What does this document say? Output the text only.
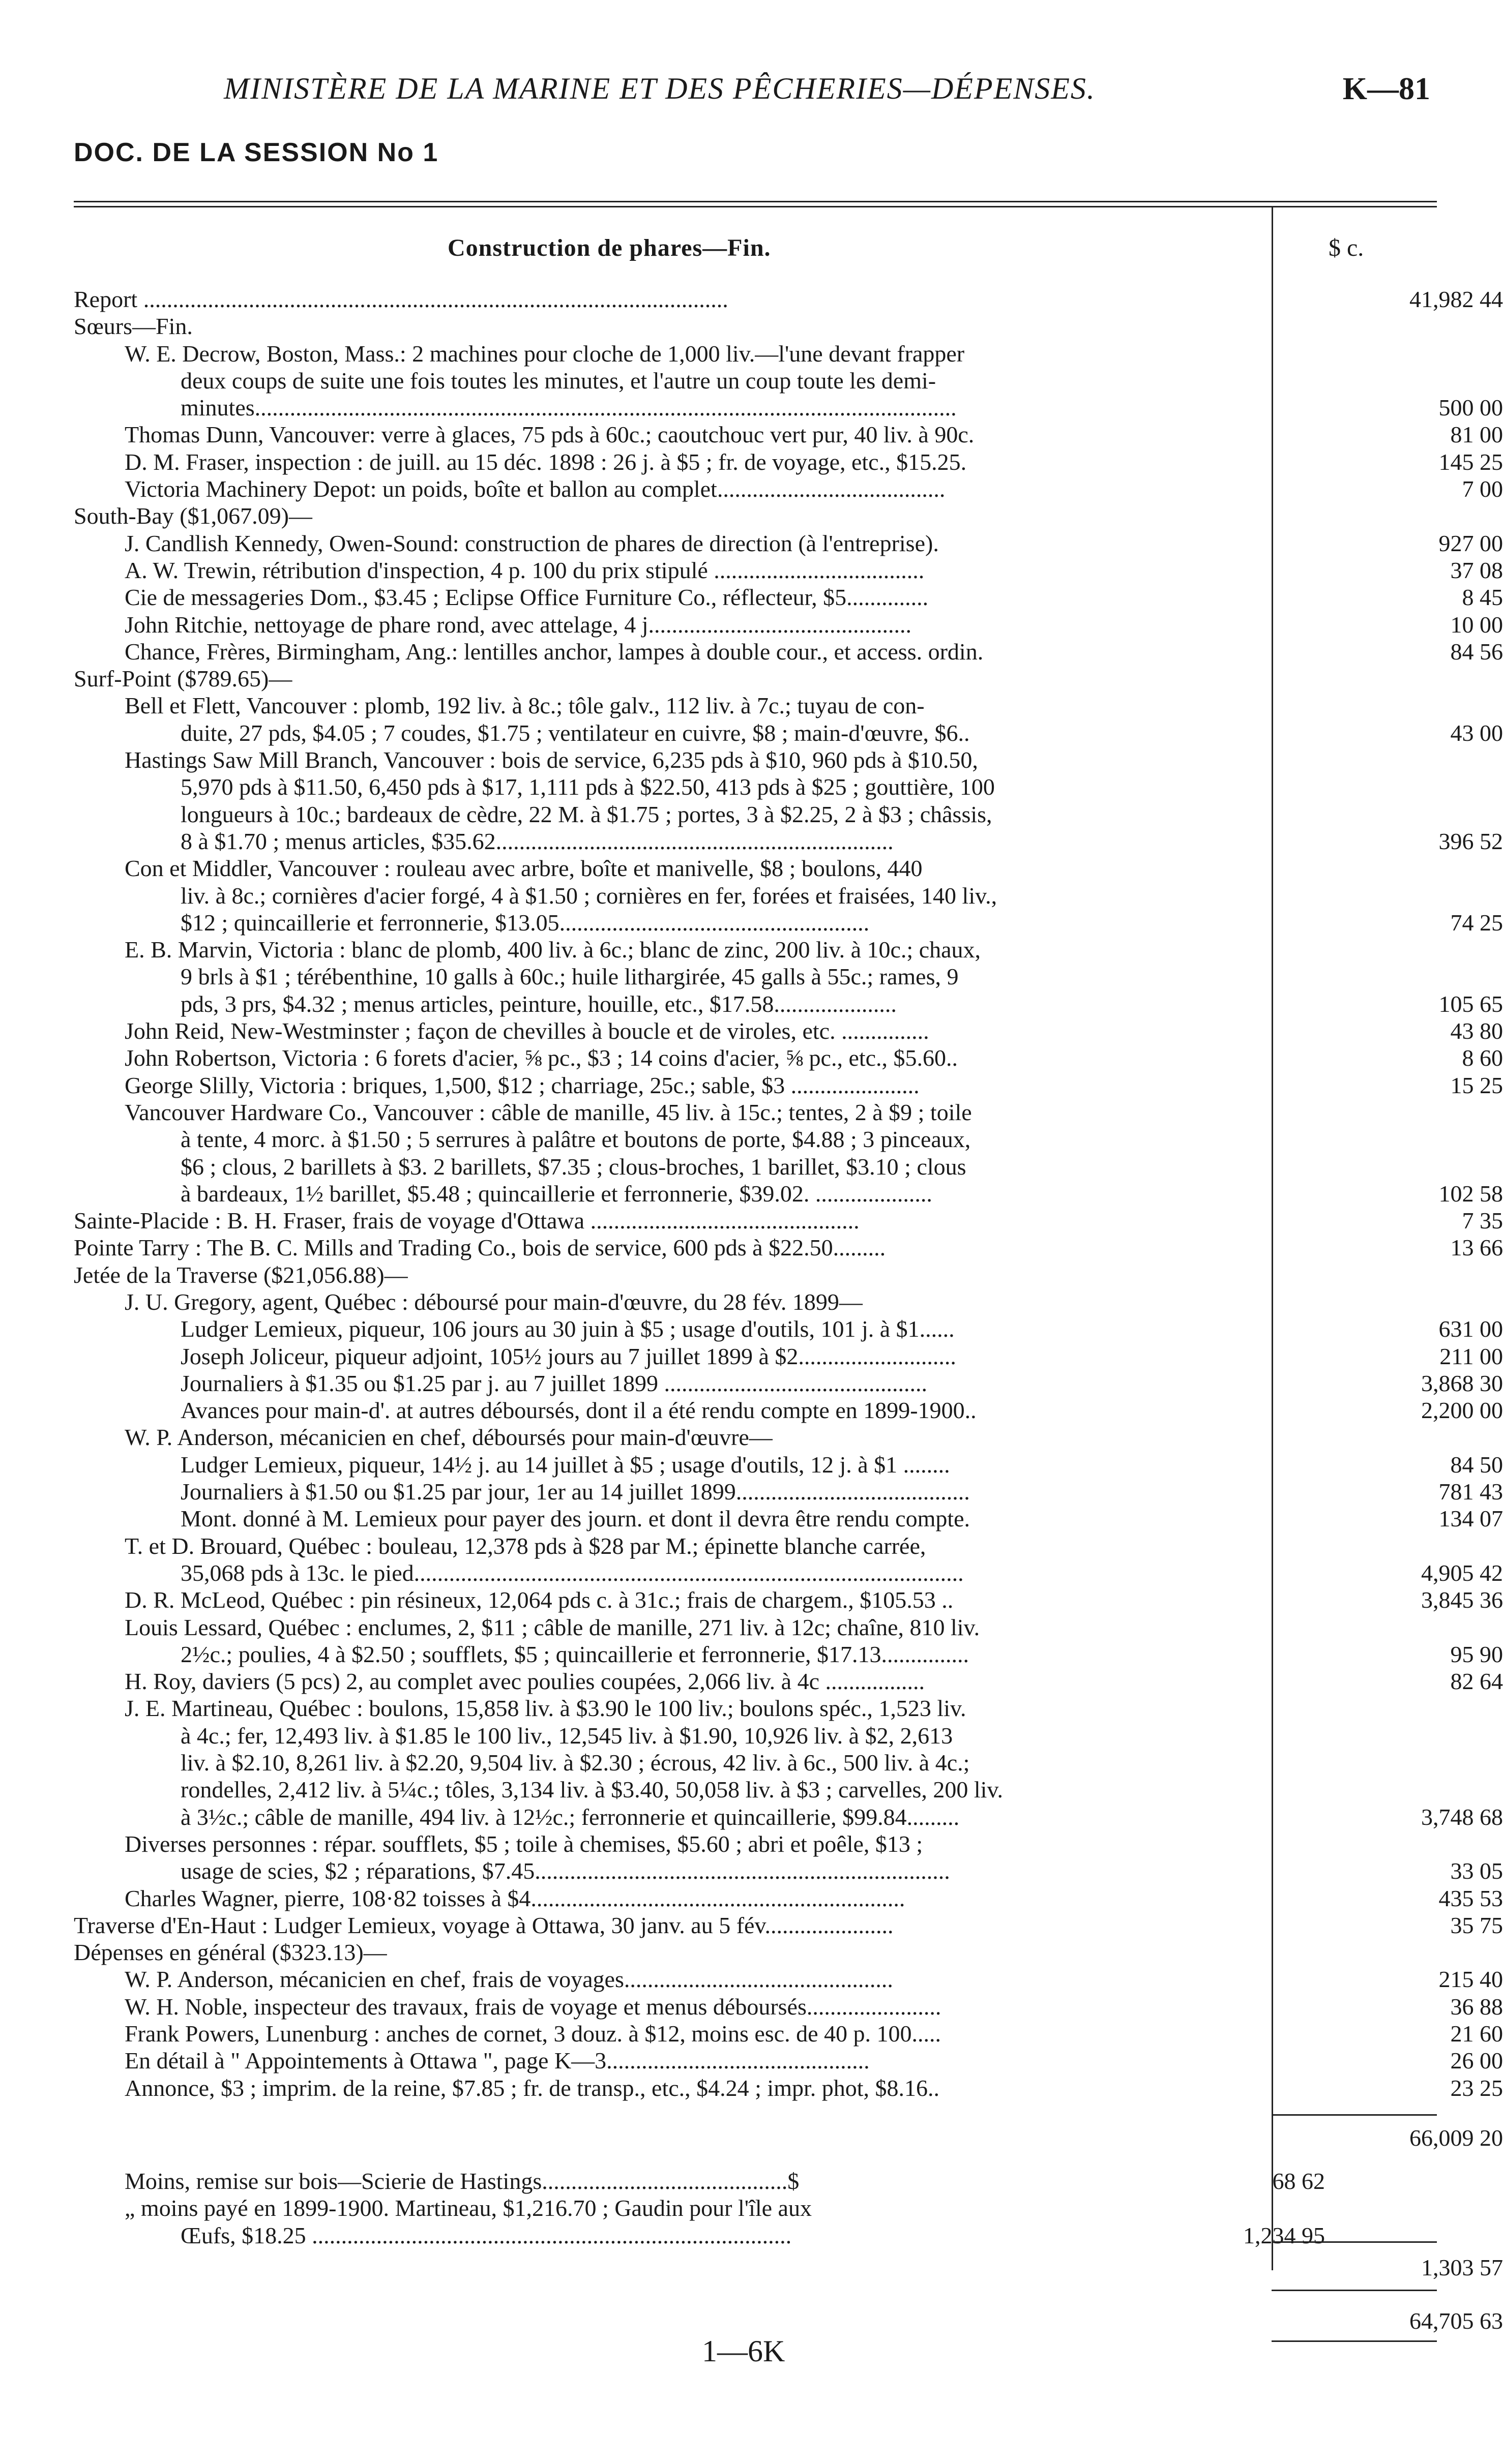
MINISTÈRE DE LA MARINE ET DES PÊCHERIES—DÉPENSES.	K—81
DOC. DE LA SESSION No 1
Construction de phares—Fin.	$ c.
Report ....................................................................................................	41,982 44
Sœurs—Fin.
W. E. Decrow, Boston, Mass.: 2 machines pour cloche de 1,000 liv.—l'une devant frapper
deux coups de suite une fois toutes les minutes, et l'autre un coup toute les demi-
minutes........................................................................................................................	500 00
Thomas Dunn, Vancouver: verre à glaces, 75 pds à 60c.; caoutchouc vert pur, 40 liv. à 90c.	81 00
D. M. Fraser, inspection : de juill. au 15 déc. 1898 : 26 j. à $5 ; fr. de voyage, etc., $15.25.	145 25
Victoria Machinery Depot: un poids, boîte et ballon au complet.......................................	7 00
South-Bay ($1,067.09)—
J. Candlish Kennedy, Owen-Sound: construction de phares de direction (à l'entreprise).	927 00
A. W. Trewin, rétribution d'inspection, 4 p. 100 du prix stipulé ....................................	37 08
Cie de messageries Dom., $3.45 ; Eclipse Office Furniture Co., réflecteur, $5..............	8 45
John Ritchie, nettoyage de phare rond, avec attelage, 4 j.............................................	10 00
Chance, Frères, Birmingham, Ang.: lentilles anchor, lampes à double cour., et access. ordin.	84 56
Surf-Point ($789.65)—
Bell et Flett, Vancouver : plomb, 192 liv. à 8c.; tôle galv., 112 liv. à 7c.; tuyau de con-
duite, 27 pds, $4.05 ; 7 coudes, $1.75 ; ventilateur en cuivre, $8 ; main-d'œuvre, $6..	43 00
Hastings Saw Mill Branch, Vancouver : bois de service, 6,235 pds à $10, 960 pds à $10.50,
5,970 pds à $11.50, 6,450 pds à $17, 1,111 pds à $22.50, 413 pds à $25 ; gouttière, 100
longueurs à 10c.; bardeaux de cèdre, 22 M. à $1.75 ; portes, 3 à $2.25, 2 à $3 ; châssis,
8 à $1.70 ; menus articles, $35.62....................................................................	396 52
Con et Middler, Vancouver : rouleau avec arbre, boîte et manivelle, $8 ; boulons, 440
liv. à 8c.; cornières d'acier forgé, 4 à $1.50 ; cornières en fer, forées et fraisées, 140 liv.,
$12 ; quincaillerie et ferronnerie, $13.05.....................................................	74 25
E. B. Marvin, Victoria : blanc de plomb, 400 liv. à 6c.; blanc de zinc, 200 liv. à 10c.; chaux,
9 brls à $1 ; térébenthine, 10 galls à 60c.; huile lithargirée, 45 galls à 55c.; rames, 9
pds, 3 prs, $4.32 ; menus articles, peinture, houille, etc., $17.58.....................	105 65
John Reid, New-Westminster ; façon de chevilles à boucle et de viroles, etc. ...............	43 80
John Robertson, Victoria : 6 forets d'acier, ⅝ pc., $3 ; 14 coins d'acier, ⅝ pc., etc., $5.60..	8 60
George Slilly, Victoria : briques, 1,500, $12 ; charriage, 25c.; sable, $3 ......................	15 25
Vancouver Hardware Co., Vancouver : câble de manille, 45 liv. à 15c.; tentes, 2 à $9 ; toile
à tente, 4 morc. à $1.50 ; 5 serrures à palâtre et boutons de porte, $4.88 ; 3 pinceaux,
$6 ; clous, 2 barillets à $3. 2 barillets, $7.35 ; clous-broches, 1 barillet, $3.10 ; clous
à bardeaux, 1½ barillet, $5.48 ; quincaillerie et ferronnerie, $39.02. ....................	102 58
Sainte-Placide : B. H. Fraser, frais de voyage d'Ottawa ..............................................	7 35
Pointe Tarry : The B. C. Mills and Trading Co., bois de service, 600 pds à $22.50.........	13 66
Jetée de la Traverse ($21,056.88)—
J. U. Gregory, agent, Québec : déboursé pour main-d'œuvre, du 28 fév. 1899—
Ludger Lemieux, piqueur, 106 jours au 30 juin à $5 ; usage d'outils, 101 j. à $1......	631 00
Joseph Joliceur, piqueur adjoint, 105½ jours au 7 juillet 1899 à $2...........................	211 00
Journaliers à $1.35 ou $1.25 par j. au 7 juillet 1899 .............................................	3,868 30
Avances pour main-d'. at autres déboursés, dont il a été rendu compte en 1899-1900..	2,200 00
W. P. Anderson, mécanicien en chef, déboursés pour main-d'œuvre—
Ludger Lemieux, piqueur, 14½ j. au 14 juillet à $5 ; usage d'outils, 12 j. à $1 ........	84 50
Journaliers à $1.50 ou $1.25 par jour, 1er au 14 juillet 1899........................................	781 43
Mont. donné à M. Lemieux pour payer des journ. et dont il devra être rendu compte.	134 07
T. et D. Brouard, Québec : bouleau, 12,378 pds à $28 par M.; épinette blanche carrée,
35,068 pds à 13c. le pied..............................................................................................	4,905 42
D. R. McLeod, Québec : pin résineux, 12,064 pds c. à 31c.; frais de chargem., $105.53 ..	3,845 36
Louis Lessard, Québec : enclumes, 2, $11 ; câble de manille, 271 liv. à 12c; chaîne, 810 liv.
2½c.; poulies, 4 à $2.50 ; soufflets, $5 ; quincaillerie et ferronnerie, $17.13...............	95 90
H. Roy, daviers (5 pcs) 2, au complet avec poulies coupées, 2,066 liv. à 4c .................	82 64
J. E. Martineau, Québec : boulons, 15,858 liv. à $3.90 le 100 liv.; boulons spéc., 1,523 liv.
à 4c.; fer, 12,493 liv. à $1.85 le 100 liv., 12,545 liv. à $1.90, 10,926 liv. à $2, 2,613
liv. à $2.10, 8,261 liv. à $2.20, 9,504 liv. à $2.30 ; écrous, 42 liv. à 6c., 500 liv. à 4c.;
rondelles, 2,412 liv. à 5¼c.; tôles, 3,134 liv. à $3.40, 50,058 liv. à $3 ; carvelles, 200 liv.
à 3½c.; câble de manille, 494 liv. à 12½c.; ferronnerie et quincaillerie, $99.84.........	3,748 68
Diverses personnes : répar. soufflets, $5 ; toile à chemises, $5.60 ; abri et poêle, $13 ;
usage de scies, $2 ; réparations, $7.45.......................................................................	33 05
Charles Wagner, pierre, 108·82 toisses à $4................................................................	435 53
Traverse d'En-Haut : Ludger Lemieux, voyage à Ottawa, 30 janv. au 5 fév......................	35 75
Dépenses en général ($323.13)—
W. P. Anderson, mécanicien en chef, frais de voyages..............................................	215 40
W. H. Noble, inspecteur des travaux, frais de voyage et menus déboursés.......................	36 88
Frank Powers, Lunenburg : anches de cornet, 3 douz. à $12, moins esc. de 40 p. 100.....	21 60
En détail à " Appointements à Ottawa ", page K—3.............................................	26 00
Annonce, $3 ; imprim. de la reine, $7.85 ; fr. de transp., etc., $4.24 ; impr. phot, $8.16..	23 25
66,009 20
Moins, remise sur bois—Scierie de Hastings..........................................$	68 62
„ moins payé en 1899-1900. Martineau, $1,216.70 ; Gaudin pour l'île aux
Œufs, $18.25 ..................................................................................	1,234 95
1,303 57
64,705 63
1—6K
